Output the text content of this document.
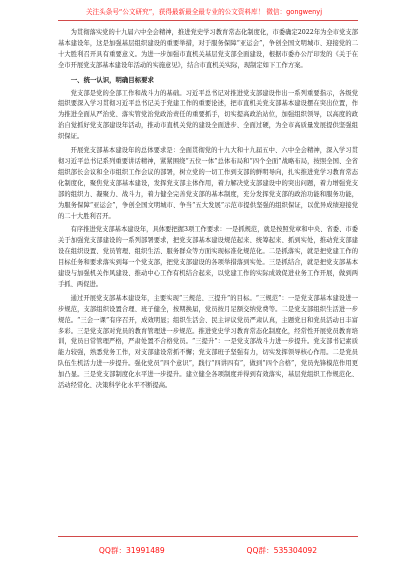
关注头条号“公文研究”，获得最新最全最专业的公文资料库！ 微信：gongwenyj

为贯彻落实党的十九届六中全会精神，推进党史学习教育常态化制度化，市委确定2022年为全市党支部基本建设年，这是加强基层组织建设的重要举措，对于服务保障“亚运会”，争创全国文明城市、迎接党的二十大胜利召开具有重要意义。为进一步加强市直机关基层党支部全面建设，根据市委办公厅印发的《关于在全市开展党支部基本建设年活动的实施意见》，结合市直机关实际，现制定如下工作方案。

一、统一认识，明确目标要求

党支部是党的全部工作和战斗力的基础。习近平总书记对推进党支部建设作出一系列重要指示，各级党组织要深入学习贯彻习近平总书记关于党建工作的重要论述，把市直机关党支部基本建设摆在突出位置，作为推进全面从严治党、落实管党治党政治责任的重要抓手，切实提高政治站位，加强组织领导，以高度的政治自觉抓好党支部建设年活动，推动市直机关党的建设全面进步、全面过硬，为全市高质量发展提供坚强组织保证。

开展党支部基本建设年的总体要求是：全面贯彻党的十九大和十九届五中、六中全会精神，深入学习贯彻习近平总书记系列重要讲话精神，紧紧围绕“五位一体”总体布局和“四个全面”战略布局，按照全国、全省组织部长会议和全市组织工作会议的部署，树立党的一切工作到支部的鲜明导向，扎实推进党学习教育常态化制度化，聚焦党支部基本建设，发挥党支部主体作用，着力解决党支部建设中的突出问题，着力增强党支部的组织力、凝聚力、战斗力，着力健全完善党支部的基本制度，充分发挥党支部的政治功能和服务功能，为服务保障“亚运会”，争创全国文明城市、争当“五大发展”示范市提供坚强的组织保证，以优异成绩迎接党的二十大胜利召开。

有序推进党支部基本建设年，具体要把握3项工作要求：一是抓规范，就是按照党章和中央、省委、市委关于加强党支部建设的一系列部署要求，把党支部基本建设规范起来、统筹起来、抓到实处，推动党支部建设在组织设置、党员管理、组织生活、服务群众等方面实现标准化规范化。二是抓落实，就是把党建工作的目标任务和要求落实到每一个党支部，把党支部建设的各项举措落到实处。三是抓结合，就是把党支部基本建设与加强机关作风建设、推动中心工作有机结合起来，以党建工作的实际成效促进业务工作开展，做到两手抓、两促进。

通过开展党支部基本建设年，主要实现“三规范、三提升”的目标。“三规范”：一是党支部基本建设进一步规范，支部组织设置合理、班子健全，按期换届，党员按月足额交纳党费等。二是党支部组织生活进一步规范。“三会一课”有序召开，成效明显；组织生活会、民主评议党员严肃认真，主题党日和党员活动日丰富多彩。三是党支部对党员的教育管理进一步规范。推进党史学习教育常态化制度化，经常性开展党员教育培训，党员日常管理严格，严肃处置不合格党员。“三提升”：一是党支部战斗力进一步提升。党支部书记素质能力较强，熟悉党务工作，对支部建设常抓不懈；党支部班子坚强有力，切实发挥领导核心作用。二是党员队伍生机活力进一步提升。强化党员“四个意识”，践行“四讲四有”，做到“四个合格”，党员先锋模范作用更加凸显。三是党支部制度化水平进一步提升。建立健全各项制度并得到有效落实，基层党组织工作规范化、活动经常化、决策科学化水平不断提高。

QQ群：31991489	QQ群：535304092
